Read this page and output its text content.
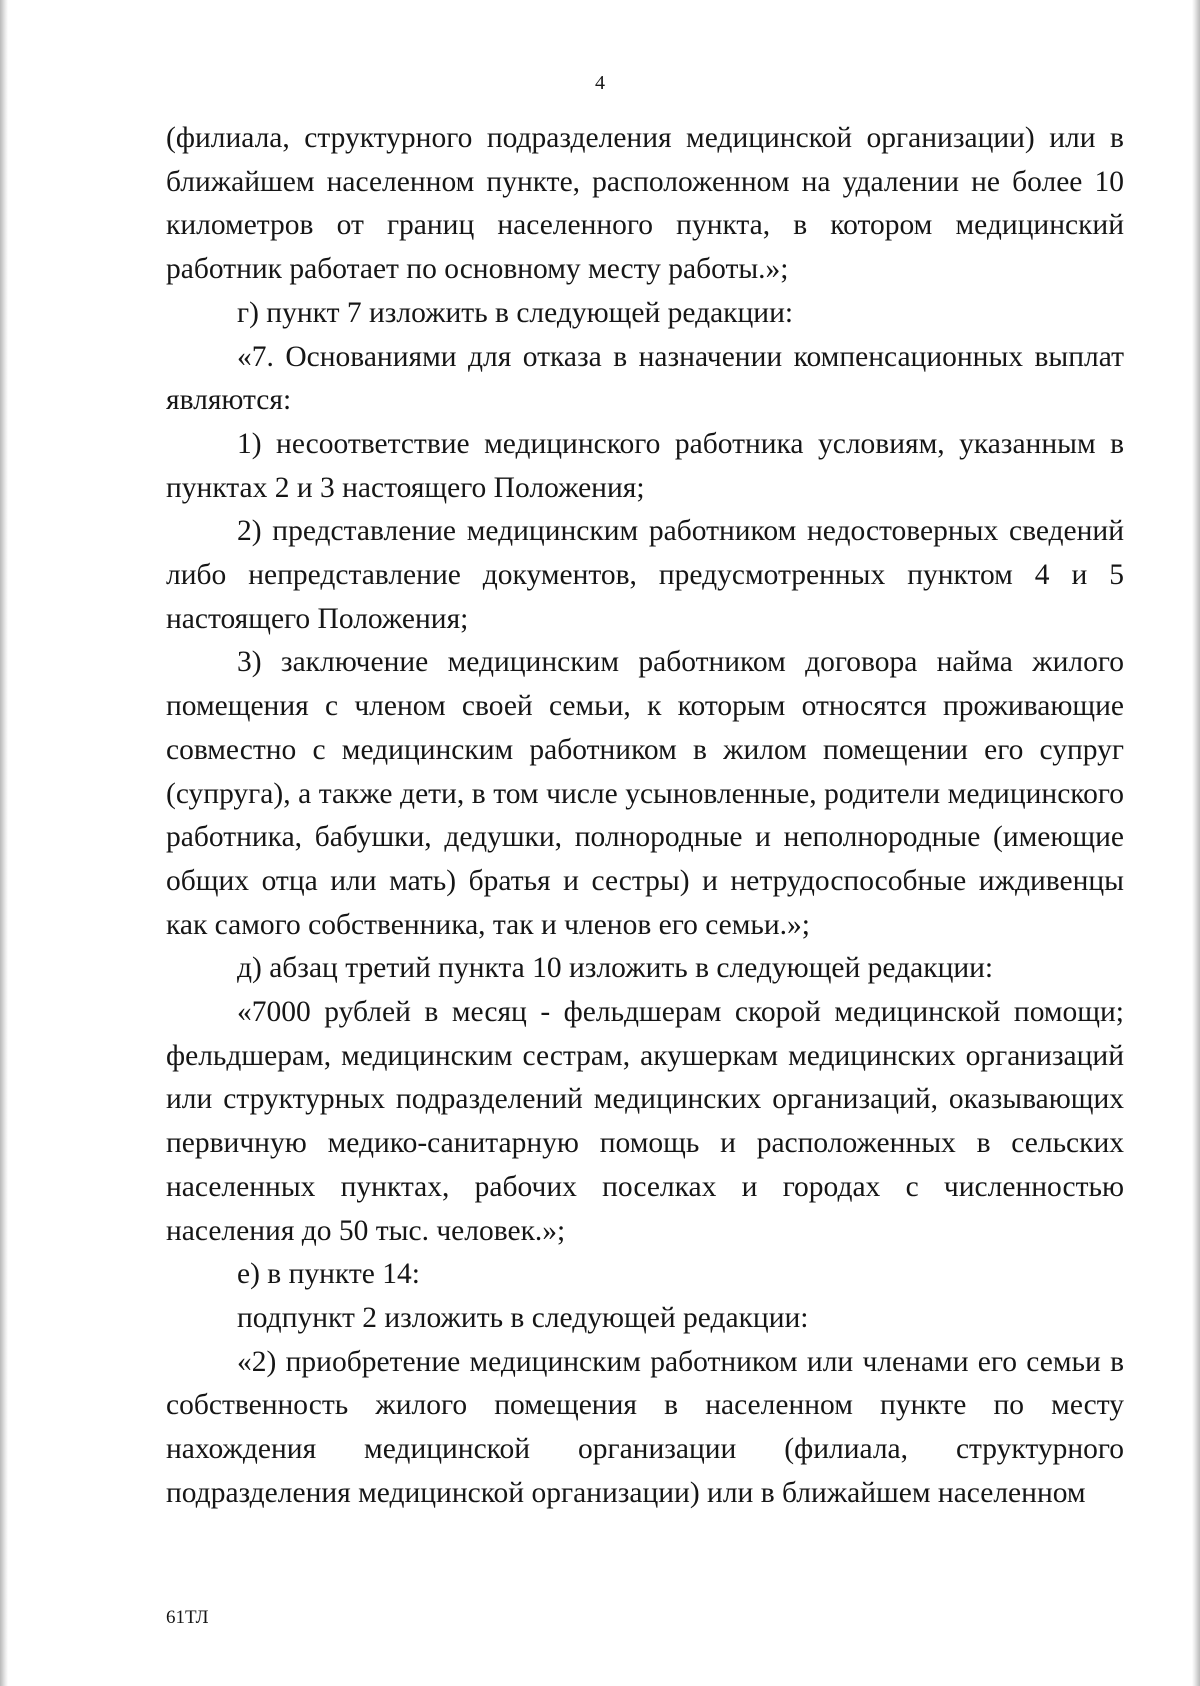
4

(филиала, структурного подразделения медицинской организации) или в ближайшем населенном пункте, расположенном на удалении не более 10 километров от границ населенного пункта, в котором медицинский работник работает по основному месту работы.»;

г) пункт 7 изложить в следующей редакции:

«7. Основаниями для отказа в назначении компенсационных выплат являются:

1) несоответствие медицинского работника условиям, указанным в пунктах 2 и 3 настоящего Положения;

2) представление медицинским работником недостоверных сведений либо непредставление документов, предусмотренных пунктом 4 и 5 настоящего Положения;

3) заключение медицинским работником договора найма жилого помещения с членом своей семьи, к которым относятся проживающие совместно с медицинским работником в жилом помещении его супруг (супруга), а также дети, в том числе усыновленные, родители медицинского работника, бабушки, дедушки, полнородные и неполнородные (имеющие общих отца или мать) братья и сестры) и нетрудоспособные иждивенцы как самого собственника, так и членов его семьи.»;

д) абзац третий пункта 10 изложить в следующей редакции:

«7000 рублей в месяц - фельдшерам скорой медицинской помощи; фельдшерам, медицинским сестрам, акушеркам медицинских организаций или структурных подразделений медицинских организаций, оказывающих первичную медико-санитарную помощь и расположенных в сельских населенных пунктах, рабочих поселках и городах с численностью населения до 50 тыс. человек.»;

е) в пункте 14:

подпункт 2 изложить в следующей редакции:

«2) приобретение медицинским работником или членами его семьи в собственность жилого помещения в населенном пункте по месту нахождения медицинской организации (филиала, структурного подразделения медицинской организации) или в ближайшем населенном

61ТЛ
